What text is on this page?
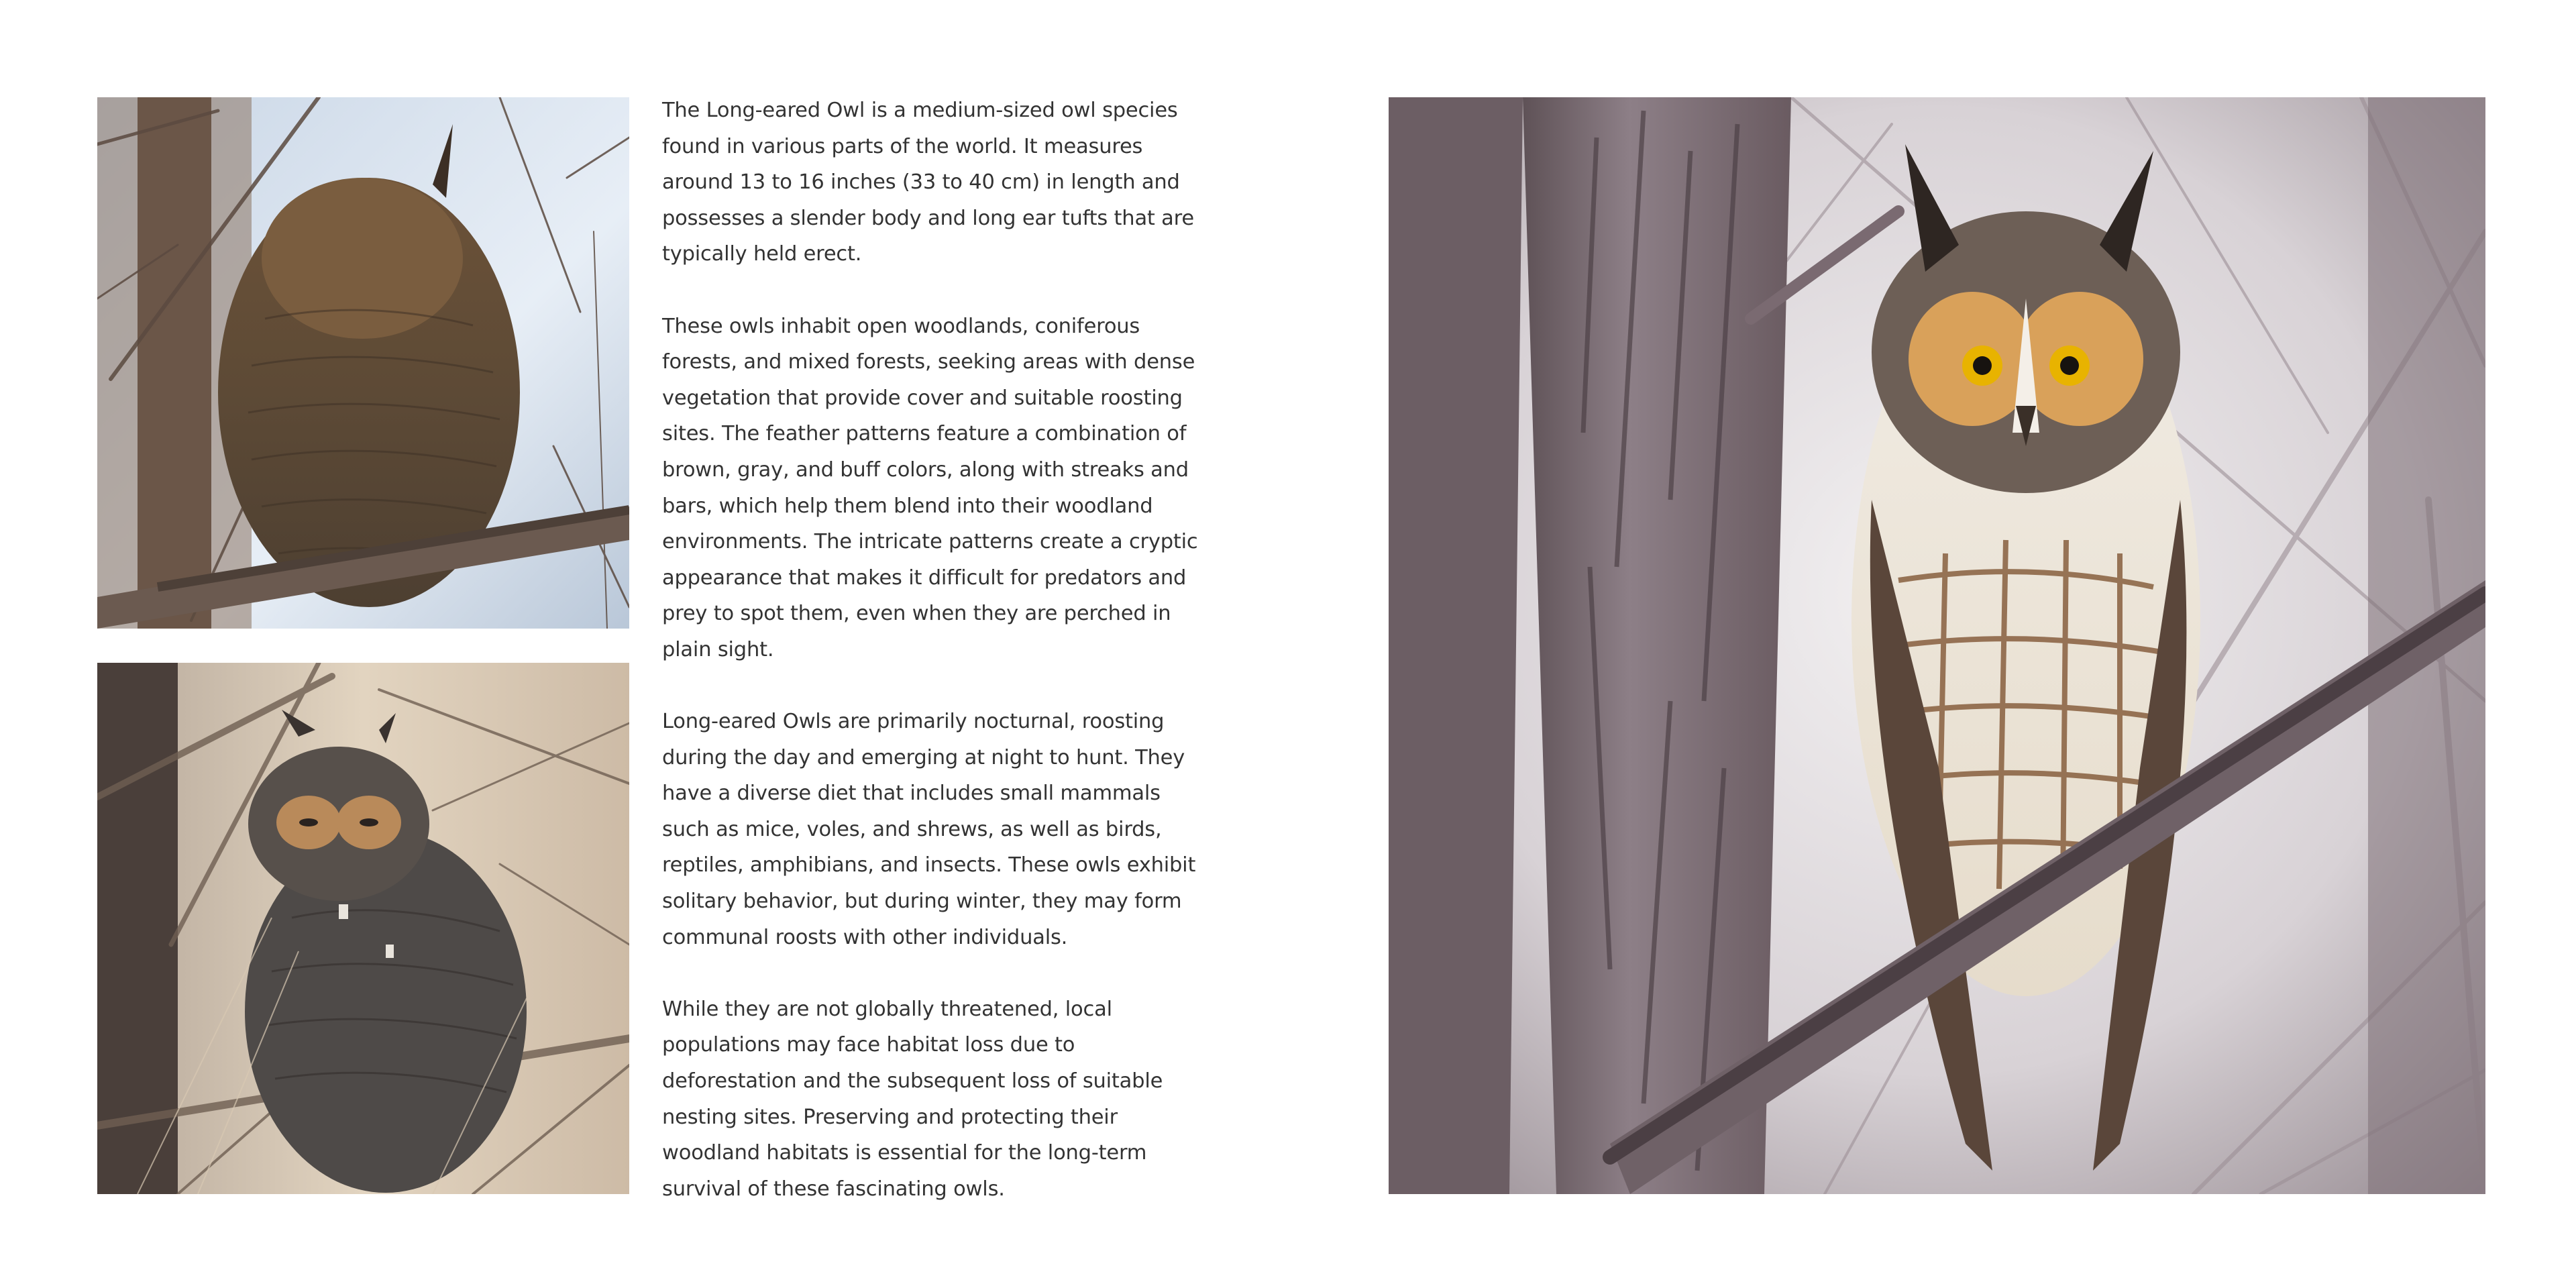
The Long-eared Owl is a medium-sized owl species found in various parts of the world. It measures around 13 to 16 inches (33 to 40 cm) in length and possesses a slender body and long ear tufts that are typically held erect.

These owls inhabit open woodlands, coniferous forests, and mixed forests, seeking areas with dense vegetation that provide cover and suitable roosting sites. The feather patterns feature a combination of brown, gray, and buff colors, along with streaks and bars, which help them blend into their woodland environments. The intricate patterns create a cryptic appearance that makes it difficult for predators and prey to spot them, even when they are perched in plain sight.

Long-eared Owls are primarily nocturnal, roosting during the day and emerging at night to hunt. They have a diverse diet that includes small mammals such as mice, voles, and shrews, as well as birds, reptiles, amphibians, and insects. These owls exhibit solitary behavior, but during winter, they may form communal roosts with other individuals.

While they are not globally threatened, local populations may face habitat loss due to deforestation and the subsequent loss of suitable nesting sites. Preserving and protecting their woodland habitats is essential for the long-term survival of these fascinating owls.
